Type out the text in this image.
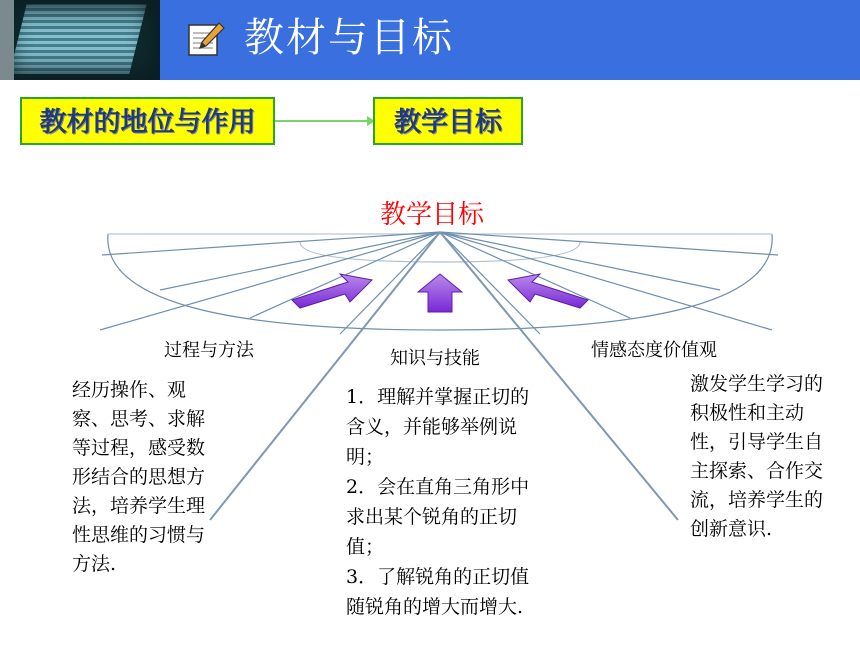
教材与目标
教材的地位与作用	教学目标
教学目标
过程与方法	知识与技能	情感态度价值观
经历操作、观察、思考、求解等过程，感受数形结合的思想方法，培养学生理性思维的习惯与方法.
1．理解并掌握正切的含义，并能够举例说明；
2．会在直角三角形中求出某个锐角的正切值；
3．了解锐角的正切值随锐角的增大而增大.
激发学生学习的积极性和主动性，引导学生自主探索、合作交流，培养学生的创新意识.
